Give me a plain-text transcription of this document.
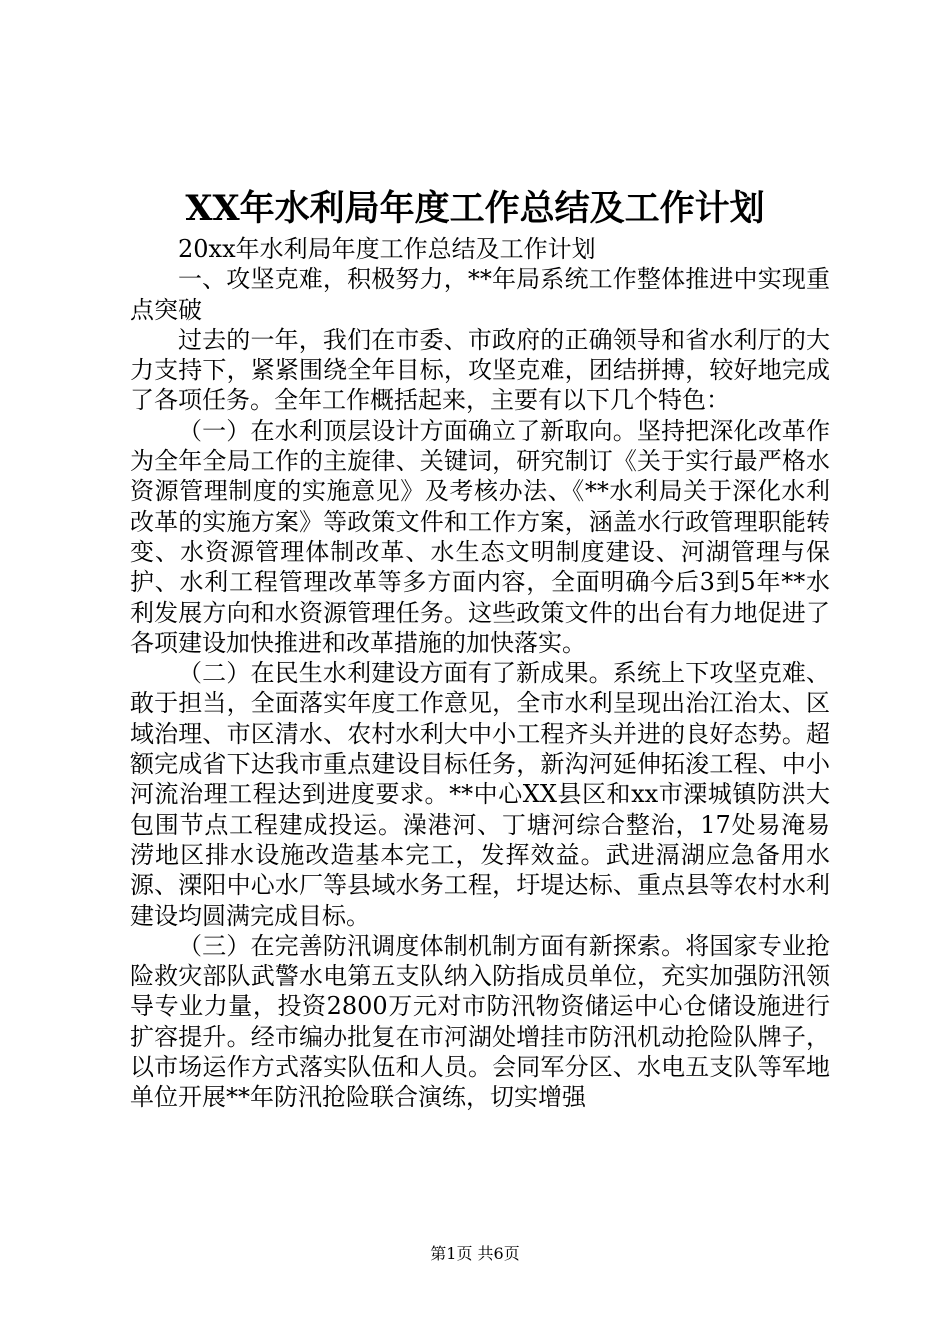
XX年水利局年度工作总结及工作计划

20xx年水利局年度工作总结及工作计划

一、攻坚克难，积极努力，**年局系统工作整体推进中实现重点突破

过去的一年，我们在市委、市政府的正确领导和省水利厅的大力支持下，紧紧围绕全年目标，攻坚克难，团结拼搏，较好地完成了各项任务。全年工作概括起来，主要有以下几个特色：

（一）在水利顶层设计方面确立了新取向。坚持把深化改革作为全年全局工作的主旋律、关键词，研究制订《关于实行最严格水资源管理制度的实施意见》及考核办法、《**水利局关于深化水利改革的实施方案》等政策文件和工作方案，涵盖水行政管理职能转变、水资源管理体制改革、水生态文明制度建设、河湖管理与保护、水利工程管理改革等多方面内容，全面明确今后3到5年**水利发展方向和水资源管理任务。这些政策文件的出台有力地促进了各项建设加快推进和改革措施的加快落实。

（二）在民生水利建设方面有了新成果。系统上下攻坚克难、敢于担当，全面落实年度工作意见，全市水利呈现出治江治太、区域治理、市区清水、农村水利大中小工程齐头并进的良好态势。超额完成省下达我市重点建设目标任务，新沟河延伸拓浚工程、中小河流治理工程达到进度要求。**中心XX县区和xx市溧城镇防洪大包围节点工程建成投运。澡港河、丁塘河综合整治，17处易淹易涝地区排水设施改造基本完工，发挥效益。武进滆湖应急备用水源、溧阳中心水厂等县域水务工程，圩堤达标、重点县等农村水利建设均圆满完成目标。

（三）在完善防汛调度体制机制方面有新探索。将国家专业抢险救灾部队武警水电第五支队纳入防指成员单位，充实加强防汛领导专业力量，投资2800万元对市防汛物资储运中心仓储设施进行扩容提升。经市编办批复在市河湖处增挂市防汛机动抢险队牌子，以市场运作方式落实队伍和人员。会同军分区、水电五支队等军地单位开展**年防汛抢险联合演练，切实增强

第1页 共6页
